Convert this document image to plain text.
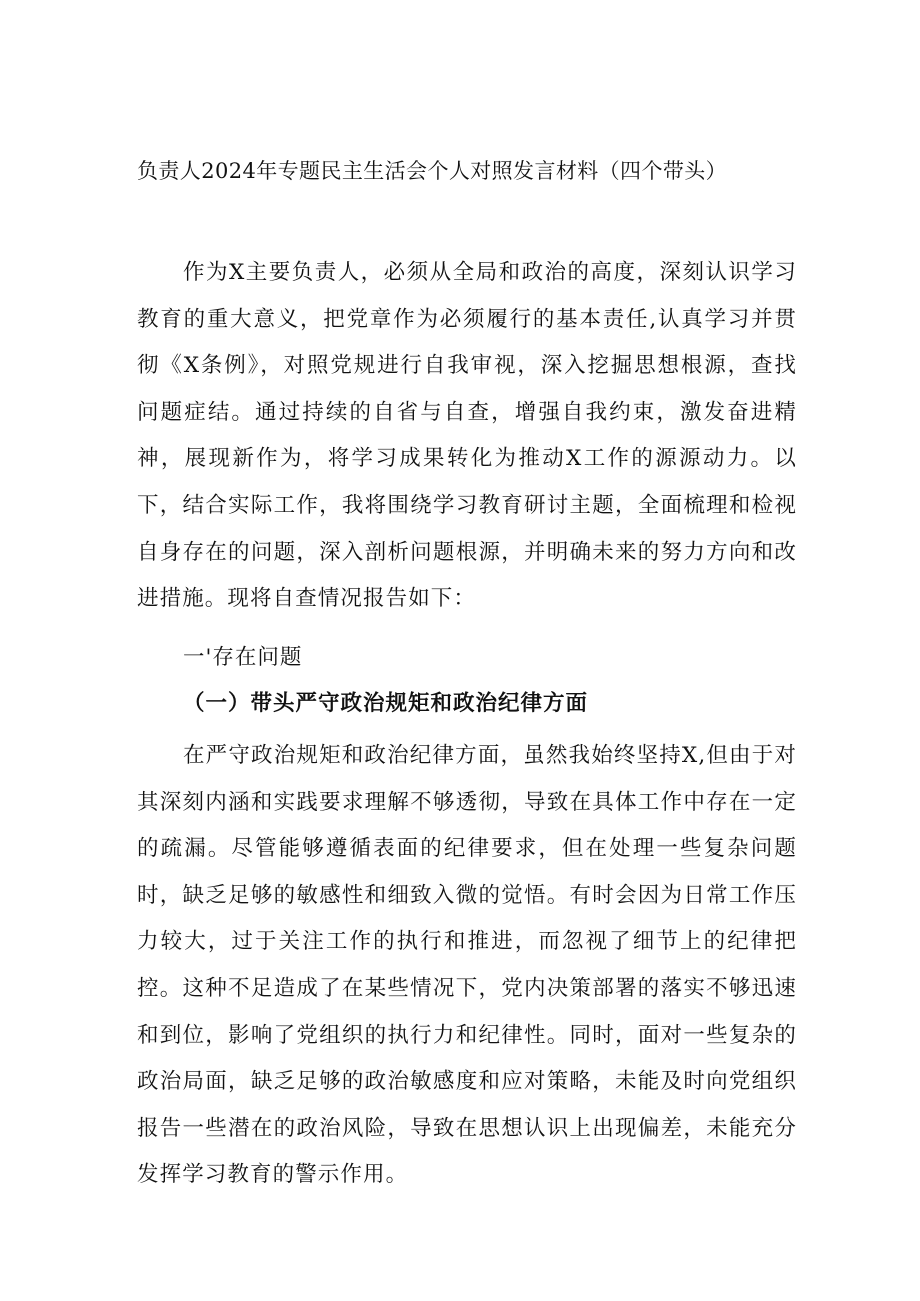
负责人2024年专题民主生活会个人对照发言材料（四个带头）

作为X主要负责人，必须从全局和政治的高度，深刻认识学习教育的重大意义，把党章作为必须履行的基本责任,认真学习并贯彻《X条例》，对照党规进行自我审视，深入挖掘思想根源，查找问题症结。通过持续的自省与自查，增强自我约束，激发奋进精神，展现新作为，将学习成果转化为推动X工作的源源动力。以下，结合实际工作，我将围绕学习教育研讨主题，全面梳理和检视自身存在的问题，深入剖析问题根源，并明确未来的努力方向和改进措施。现将自查情况报告如下：

一'存在问题
（一）带头严守政治规矩和政治纪律方面

在严守政治规矩和政治纪律方面，虽然我始终坚持X,但由于对其深刻内涵和实践要求理解不够透彻，导致在具体工作中存在一定的疏漏。尽管能够遵循表面的纪律要求，但在处理一些复杂问题时，缺乏足够的敏感性和细致入微的觉悟。有时会因为日常工作压力较大，过于关注工作的执行和推进，而忽视了细节上的纪律把控。这种不足造成了在某些情况下，党内决策部署的落实不够迅速和到位，影响了党组织的执行力和纪律性。同时，面对一些复杂的政治局面，缺乏足够的政治敏感度和应对策略，未能及时向党组织报告一些潜在的政治风险，导致在思想认识上出现偏差，未能充分发挥学习教育的警示作用。
